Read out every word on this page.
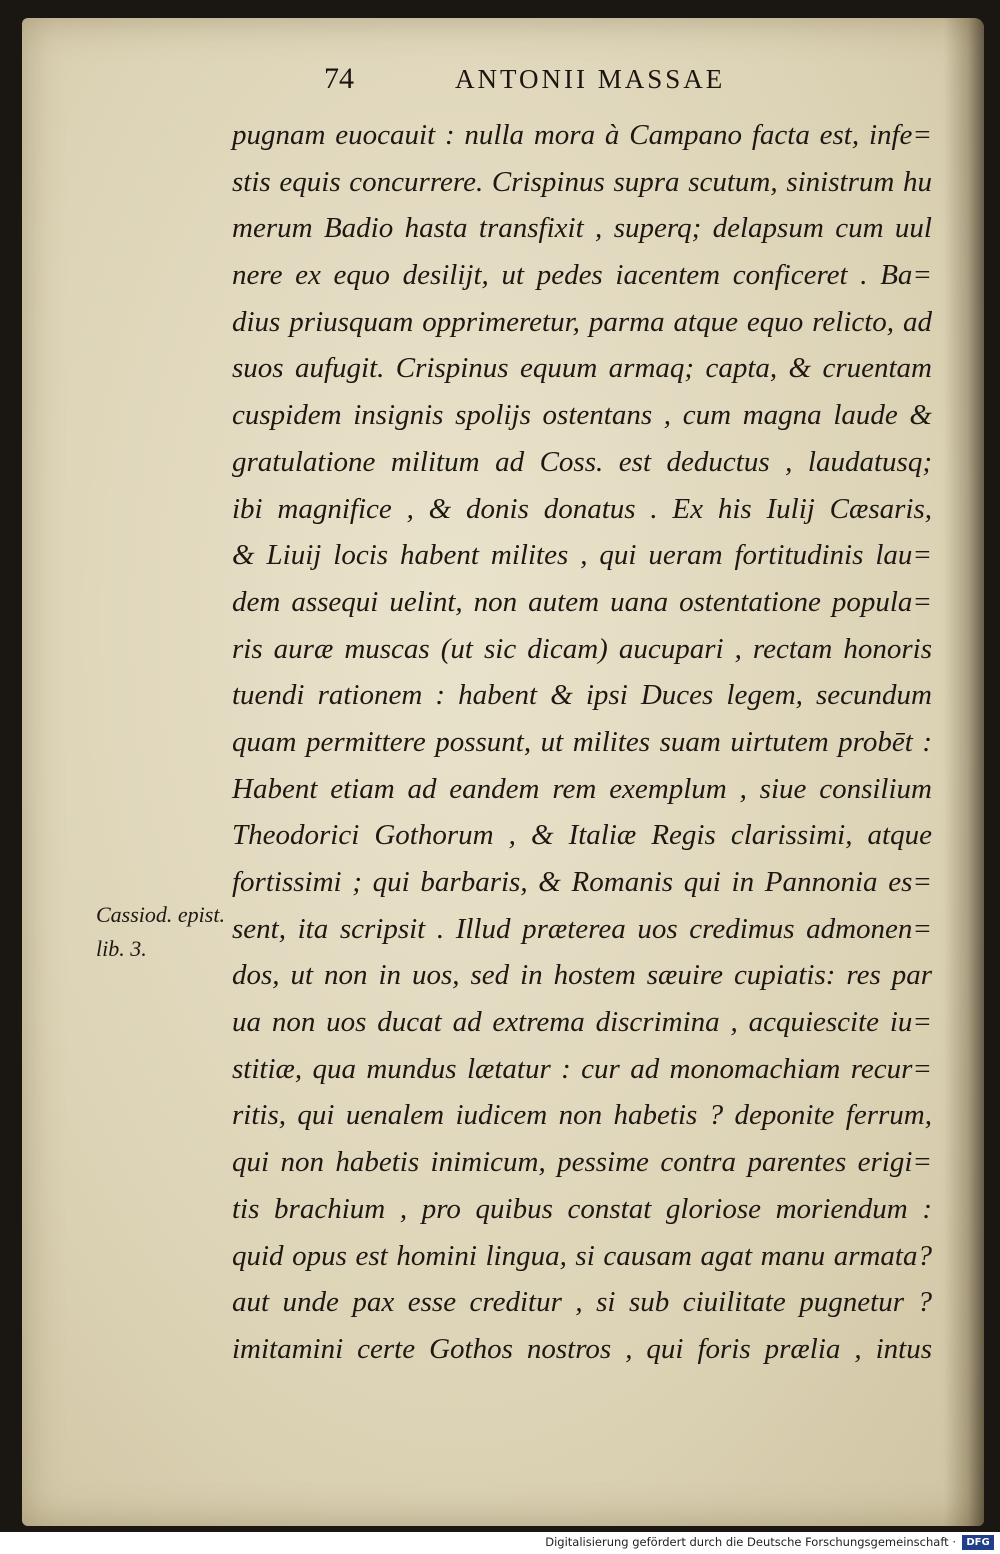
74	ANTONII MASSAE
Cassiod. epist.
lib. 3.
pugnam euocauit : nulla mora à Campano facta est, infe=
stis equis concurrere. Crispinus supra scutum, sinistrum hu
merum Badio hasta transfixit , superq; delapsum cum uul
nere ex equo desilijt, ut pedes iacentem conficeret . Ba=
dius priusquam opprimeretur, parma atque equo relicto, ad
suos aufugit. Crispinus equum armaq; capta, & cruentam
cuspidem insignis spolijs ostentans , cum magna laude &
gratulatione militum ad Coss. est deductus , laudatusq;
ibi magnifice , & donis donatus . Ex his Iulij Cæsaris,
& Liuij locis habent milites , qui ueram fortitudinis lau=
dem assequi uelint, non autem uana ostentatione popula=
ris auræ muscas (ut sic dicam) aucupari , rectam honoris
tuendi rationem : habent & ipsi Duces legem, secundum
quam permittere possunt, ut milites suam uirtutem probēt :
Habent etiam ad eandem rem exemplum , siue consilium
Theodorici Gothorum , & Italiæ Regis clarissimi, atque
fortissimi ; qui barbaris, & Romanis qui in Pannonia es=
sent, ita scripsit . Illud præterea uos credimus admonen=
dos, ut non in uos, sed in hostem sæuire cupiatis: res par
ua non uos ducat ad extrema discrimina , acquiescite iu=
stitiæ, qua mundus lætatur : cur ad monomachiam recur=
ritis, qui uenalem iudicem non habetis ? deponite ferrum,
qui non habetis inimicum, pessime contra parentes erigi=
tis brachium , pro quibus constat gloriose moriendum :
quid opus est homini lingua, si causam agat manu armata?
aut unde pax esse creditur , si sub ciuilitate pugnetur ?
imitamini certe Gothos nostros , qui foris prælia , intus
Digitalisierung gefördert durch die Deutsche Forschungsgemeinschaft ·	DFG
